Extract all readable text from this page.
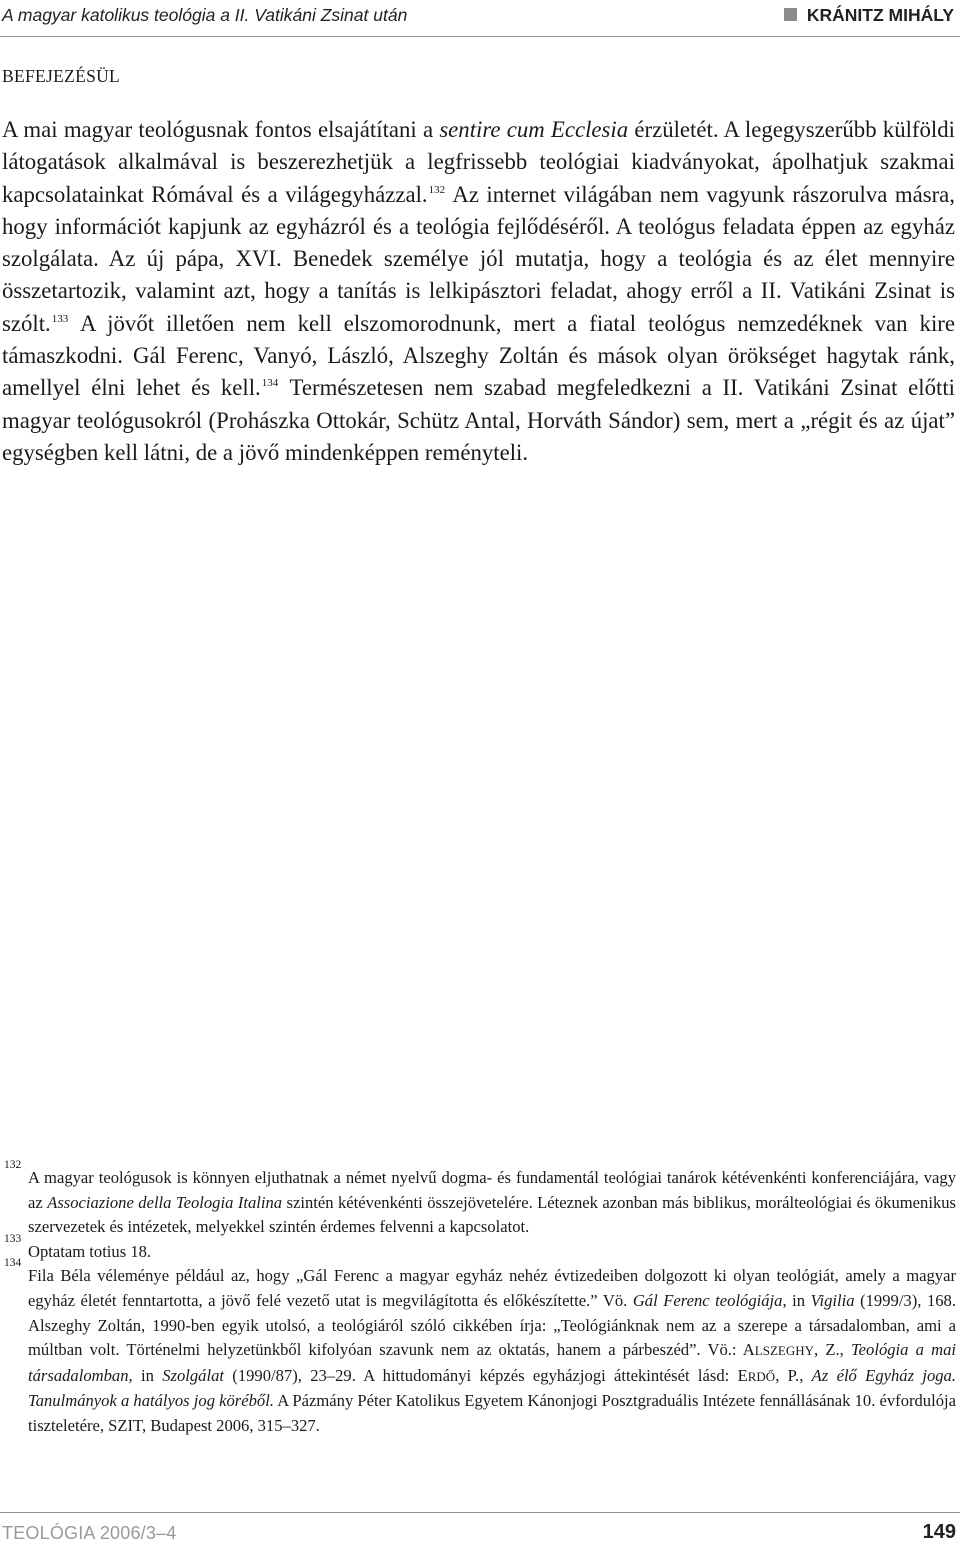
A magyar katolikus teológia a II. Vatikáni Zsinat után	KRÁNITZ MIHÁLY
BEFEJEZÉSÜL

A mai magyar teológusnak fontos elsajátítani a sentire cum Ecclesia érzületét. A legegyszerűbb külföldi látogatások alkalmával is beszerezhetjük a legfrissebb teológiai kiadványokat, ápolhatjuk szakmai kapcsolatainkat Rómával és a világegyházzal.$^{132}$ Az internet világában nem vagyunk rászorulva másra, hogy információt kapjunk az egyházról és a teológia fejlődéséről. A teológus feladata éppen az egyház szolgálata. Az új pápa, XVI. Benedek személye jól mutatja, hogy a teológia és az élet mennyire összetartozik, valamint azt, hogy a tanítás is lelkipásztori feladat, ahogy erről a II. Vatikáni Zsinat is szólt.$^{133}$ A jövőt illetően nem kell elszomorodnunk, mert a fiatal teológus nemzedéknek van kire támaszkodni. Gál Ferenc, Vanyó, László, Alszeghy Zoltán és mások olyan örökséget hagytak ránk, amellyel élni lehet és kell.$^{134}$ Természetesen nem szabad megfeledkezni a II. Vatikáni Zsinat előtti magyar teológusokról (Prohászka Ottokár, Schütz Antal, Horváth Sándor) sem, mert a „régit és az újat” egységben kell látni, de a jövő mindenképpen reményteli.

132
A magyar teológusok is könnyen eljuthatnak a német nyelvű dogma- és fundamentál teológiai tanárok kétévenkénti konferenciájára, vagy az Associazione della Teologia Italina szintén kétévenkénti összejövetelére. Léteznek azonban más biblikus, morálteológiai és ökumenikus szervezetek és intézetek, melyekkel szintén érdemes felvenni a kapcsolatot.
133
Optatam totius 18.
134
Fila Béla véleménye például az, hogy „Gál Ferenc a magyar egyház nehéz évtizedeiben dolgozott ki olyan teológiát, amely a magyar egyház életét fenntartotta, a jövő felé vezető utat is megvilágította és előkészítette.” Vö. Gál Ferenc teológiája, in Vigilia (1999/3), 168. Alszeghy Zoltán, 1990-ben egyik utolsó, a teológiáról szóló cikkében írja: „Teológiánknak nem az a szerepe a társadalomban, ami a múltban volt. Történelmi helyzetünkből kifolyóan szavunk nem az oktatás, hanem a párbeszéd”. Vö.: ALSZEGHY, Z., Teológia a mai társadalomban, in Szolgálat (1990/87), 23–29. A hittudományi képzés egyházjogi áttekintését lásd: ERDŐ, P., Az élő Egyház joga. Tanulmányok a hatályos jog köréből. A Pázmány Péter Katolikus Egyetem Kánonjogi Posztgraduális Intézete fennállásának 10. évfordulója tiszteletére, SZIT, Budapest 2006, 315–327.
TEOLÓGIA 2006/3–4	149
